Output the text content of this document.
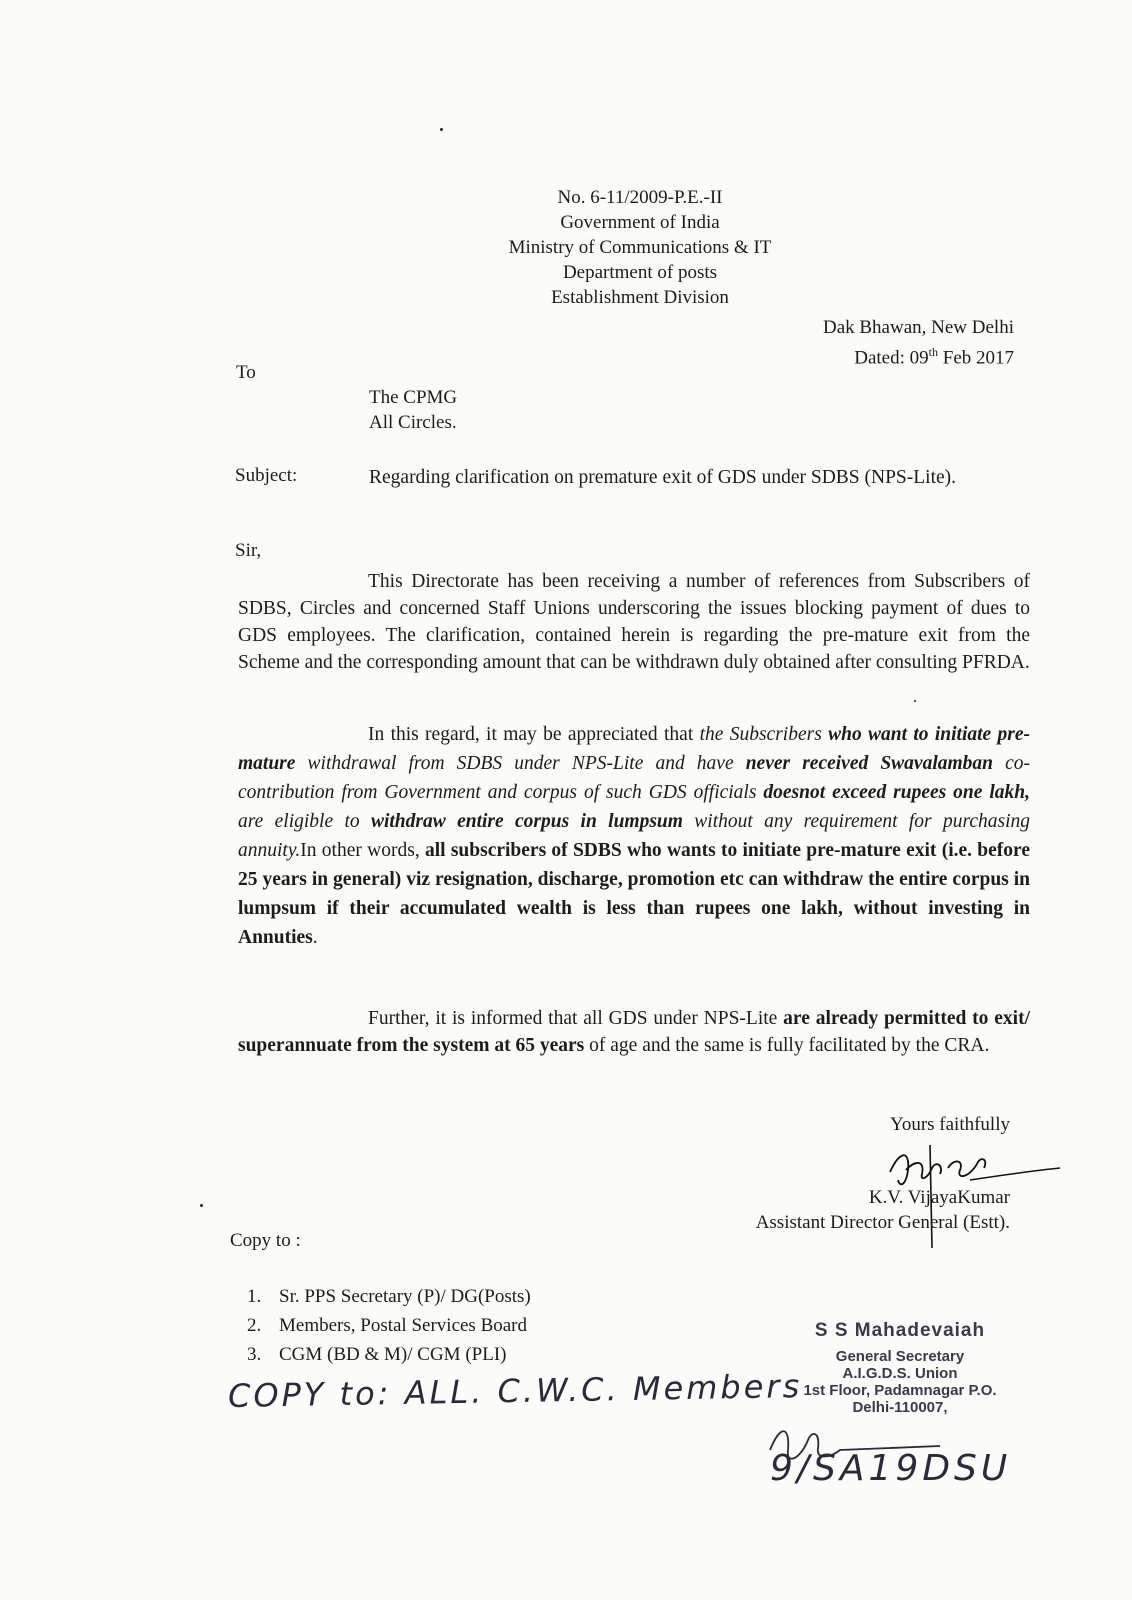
No. 6-11/2009-P.E.-II
Government of India
Ministry of Communications & IT
Department of posts
Establishment Division
Dak Bhawan, New Delhi
Dated: 09th Feb 2017
To
The CPMG
All Circles.
Subject:	Regarding clarification on premature exit of GDS under SDBS (NPS-Lite).
Sir,
This Directorate has been receiving a number of references from Subscribers of SDBS, Circles and concerned Staff Unions underscoring the issues blocking payment of dues to GDS employees. The clarification, contained herein is regarding the pre-mature exit from the Scheme and the corresponding amount that can be withdrawn duly obtained after consulting PFRDA.
In this regard, it may be appreciated that the Subscribers who want to initiate pre-mature withdrawal from SDBS under NPS-Lite and have never received Swavalamban co-contribution from Government and corpus of such GDS officials doesnot exceed rupees one lakh, are eligible to withdraw entire corpus in lumpsum without any requirement for purchasing annuity.In other words, all subscribers of SDBS who wants to initiate pre-mature exit (i.e. before 25 years in general) viz resignation, discharge, promotion etc can withdraw the entire corpus in lumpsum if their accumulated wealth is less than rupees one lakh, without investing in Annuties.
Further, it is informed that all GDS under NPS-Lite are already permitted to exit/ superannuate from the system at 65 years of age and the same is fully facilitated by the CRA.
Yours faithfully
K.V. VijayaKumar
Assistant Director General (Estt).
Copy to :
1. Sr. PPS Secretary (P)/ DG(Posts)
2. Members, Postal Services Board
3. CGM (BD & M)/ CGM (PLI)
S S Mahadevaiah
General Secretary
A.I.G.D.S. Union
1st Floor, Padamnagar P.O.
Delhi-110007,
COPY to: ALL. C.W.C. Members
9/SA19DSU
